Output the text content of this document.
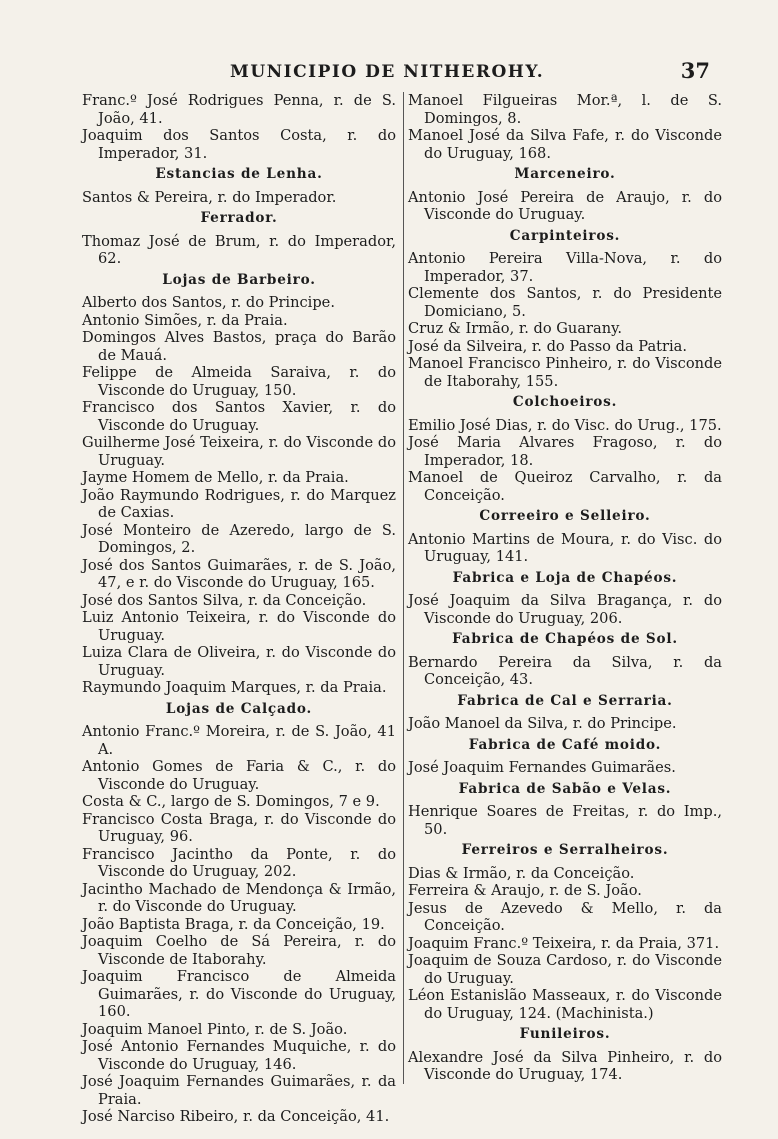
MUNICIPIO DE NITHEROHY.	37

Franc.º José Rodrigues Penna, r. de S. João, 41.

Joaquim dos Santos Costa, r. do Imperador, 31.

Estancias de Lenha.

Santos & Pereira, r. do Imperador.

Ferrador.

Thomaz José de Brum, r. do Imperador, 62.

Lojas de Barbeiro.

Alberto dos Santos, r. do Principe.

Antonio Simões, r. da Praia.

Domingos Alves Bastos, praça do Barão de Mauá.

Felippe de Almeida Saraiva, r. do Visconde do Uruguay, 150.

Francisco dos Santos Xavier, r. do Visconde do Uruguay.

Guilherme José Teixeira, r. do Visconde do Uruguay.

Jayme Homem de Mello, r. da Praia.

João Raymundo Rodrigues, r. do Marquez de Caxias.

José Monteiro de Azeredo, largo de S. Domingos, 2.

José dos Santos Guimarães, r. de S. João, 47, e r. do Visconde do Uruguay, 165.

José dos Santos Silva, r. da Conceição.

Luiz Antonio Teixeira, r. do Visconde do Uruguay.

Luiza Clara de Oliveira, r. do Visconde do Uruguay.

Raymundo Joaquim Marques, r. da Praia.

Lojas de Calçado.

Antonio Franc.º Moreira, r. de S. João, 41 A.

Antonio Gomes de Faria & C., r. do Visconde do Uruguay.

Costa & C., largo de S. Domingos, 7 e 9.

Francisco Costa Braga, r. do Visconde do Uruguay, 96.

Francisco Jacintho da Ponte, r. do Visconde do Uruguay, 202.

Jacintho Machado de Mendonça & Irmão, r. do Visconde do Uruguay.

João Baptista Braga, r. da Conceição, 19.

Joaquim Coelho de Sá Pereira, r. do Visconde de Itaborahy.

Joaquim Francisco de Almeida Guimarães, r. do Visconde do Uruguay, 160.

Joaquim Manoel Pinto, r. de S. João.

José Antonio Fernandes Muquiche, r. do Visconde do Uruguay, 146.

José Joaquim Fernandes Guimarães, r. da Praia.

José Narciso Ribeiro, r. da Conceição, 41.

Manoel Filgueiras Mor.ª, l. de S. Domingos, 8.

Manoel José da Silva Fafe, r. do Visconde do Uruguay, 168.

Marceneiro.

Antonio José Pereira de Araujo, r. do Visconde do Uruguay.

Carpinteiros.

Antonio Pereira Villa-Nova, r. do Imperador, 37.

Clemente dos Santos, r. do Presidente Domiciano, 5.

Cruz & Irmão, r. do Guarany.

José da Silveira, r. do Passo da Patria.

Manoel Francisco Pinheiro, r. do Visconde de Itaborahy, 155.

Colchoeiros.

Emilio José Dias, r. do Visc. do Urug., 175.

José Maria Alvares Fragoso, r. do Imperador, 18.

Manoel de Queiroz Carvalho, r. da Conceição.

Correeiro e Selleiro.

Antonio Martins de Moura, r. do Visc. do Uruguay, 141.

Fabrica e Loja de Chapéos.

José Joaquim da Silva Bragança, r. do Visconde do Uruguay, 206.

Fabrica de Chapéos de Sol.

Bernardo Pereira da Silva, r. da Conceição, 43.

Fabrica de Cal e Serraria.

João Manoel da Silva, r. do Principe.

Fabrica de Café moido.

José Joaquim Fernandes Guimarães.

Fabrica de Sabão e Velas.

Henrique Soares de Freitas, r. do Imp., 50.

Ferreiros e Serralheiros.

Dias & Irmão, r. da Conceição.

Ferreira & Araujo, r. de S. João.

Jesus de Azevedo & Mello, r. da Conceição.

Joaquim Franc.º Teixeira, r. da Praia, 371.

Joaquim de Souza Cardoso, r. do Visconde do Uruguay.

Léon Estanislão Masseaux, r. do Visconde do Uruguay, 124. (Machinista.)

Funileiros.

Alexandre José da Silva Pinheiro, r. do Visconde do Uruguay, 174.
